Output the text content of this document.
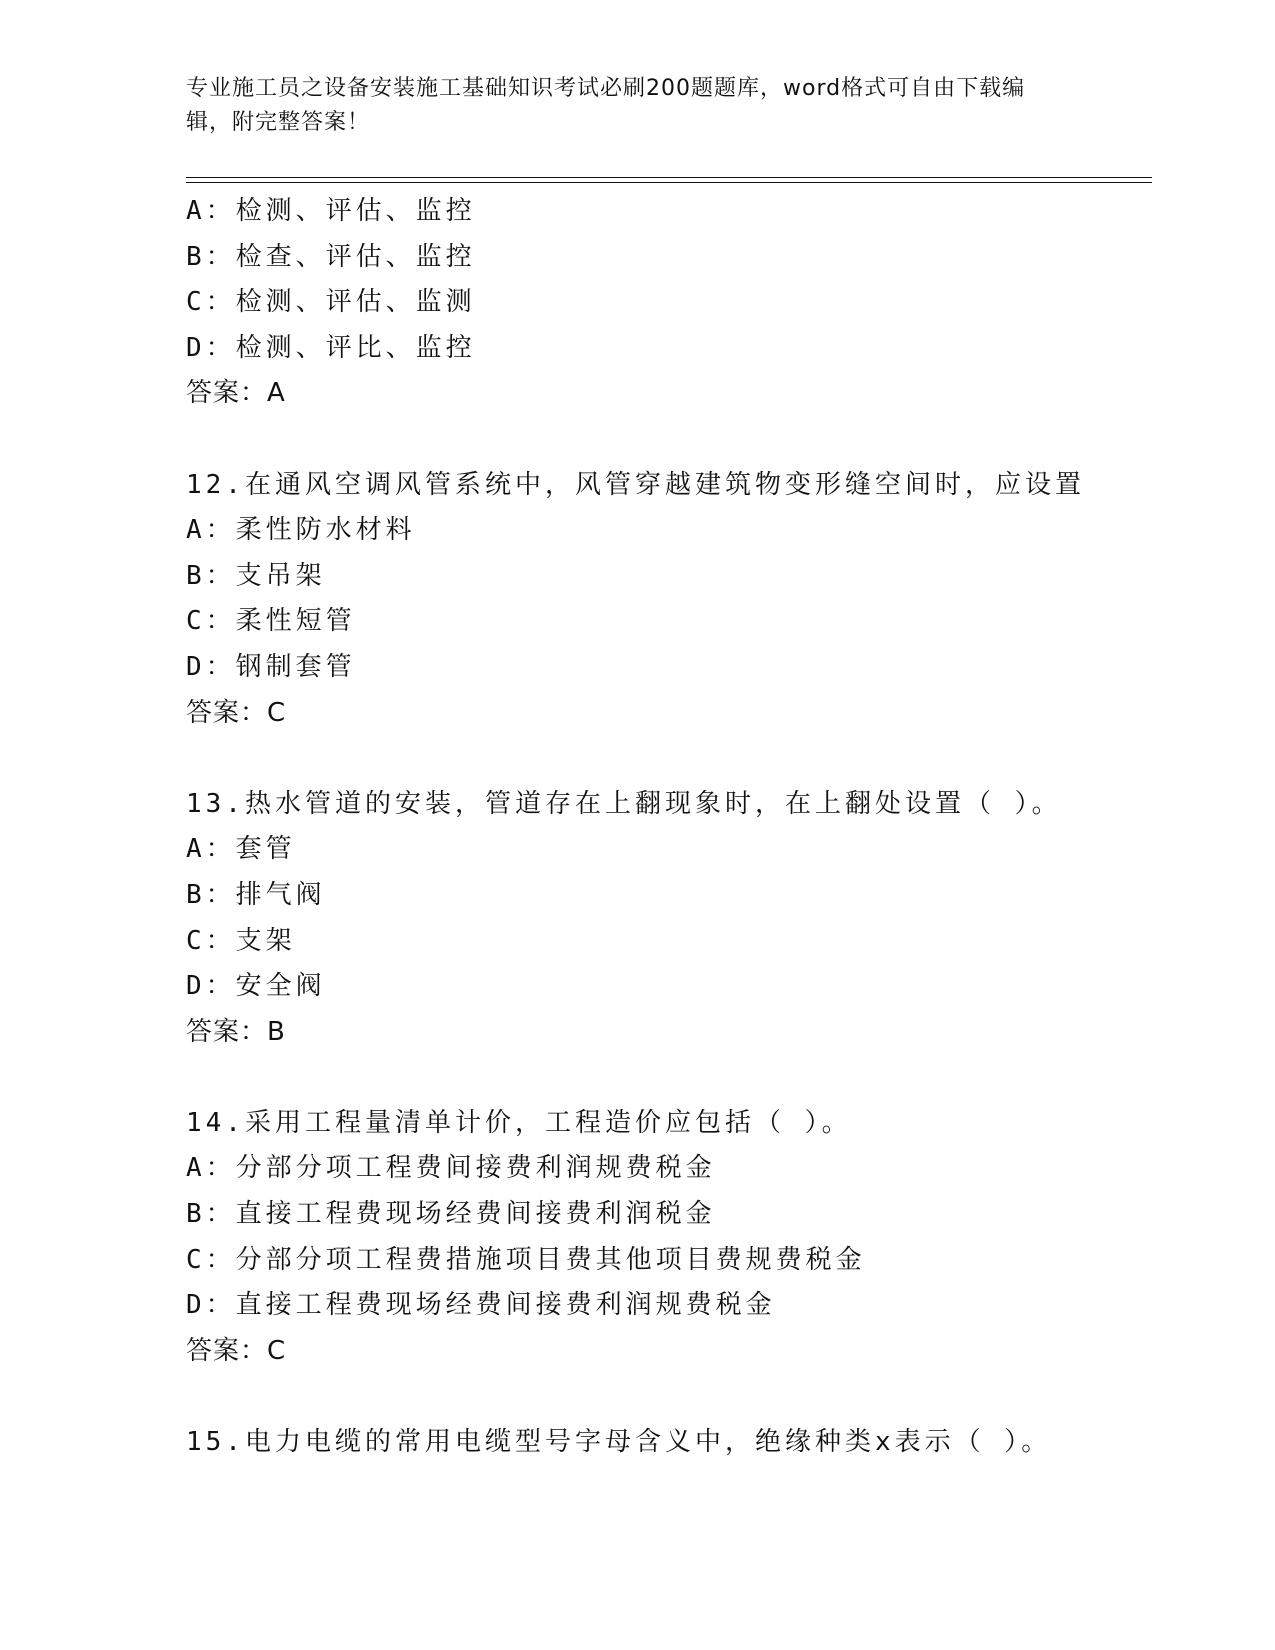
专业施工员之设备安装施工基础知识考试必刷200题题库，word格式可自由下载编辑，附完整答案！
A：检测、评估、监控
B：检查、评估、监控
C：检测、评估、监测
D：检测、评比、监控
答案：A
12.在通风空调风管系统中，风管穿越建筑物变形缝空间时，应设置
A：柔性防水材料
B：支吊架
C：柔性短管
D：钢制套管
答案：C
13.热水管道的安装，管道存在上翻现象时，在上翻处设置（ ）。
A：套管
B：排气阀
C：支架
D：安全阀
答案：B
14.采用工程量清单计价，工程造价应包括（ ）。
A：分部分项工程费间接费利润规费税金
B：直接工程费现场经费间接费利润税金
C：分部分项工程费措施项目费其他项目费规费税金
D：直接工程费现场经费间接费利润规费税金
答案：C
15.电力电缆的常用电缆型号字母含义中，绝缘种类x表示（ ）。
